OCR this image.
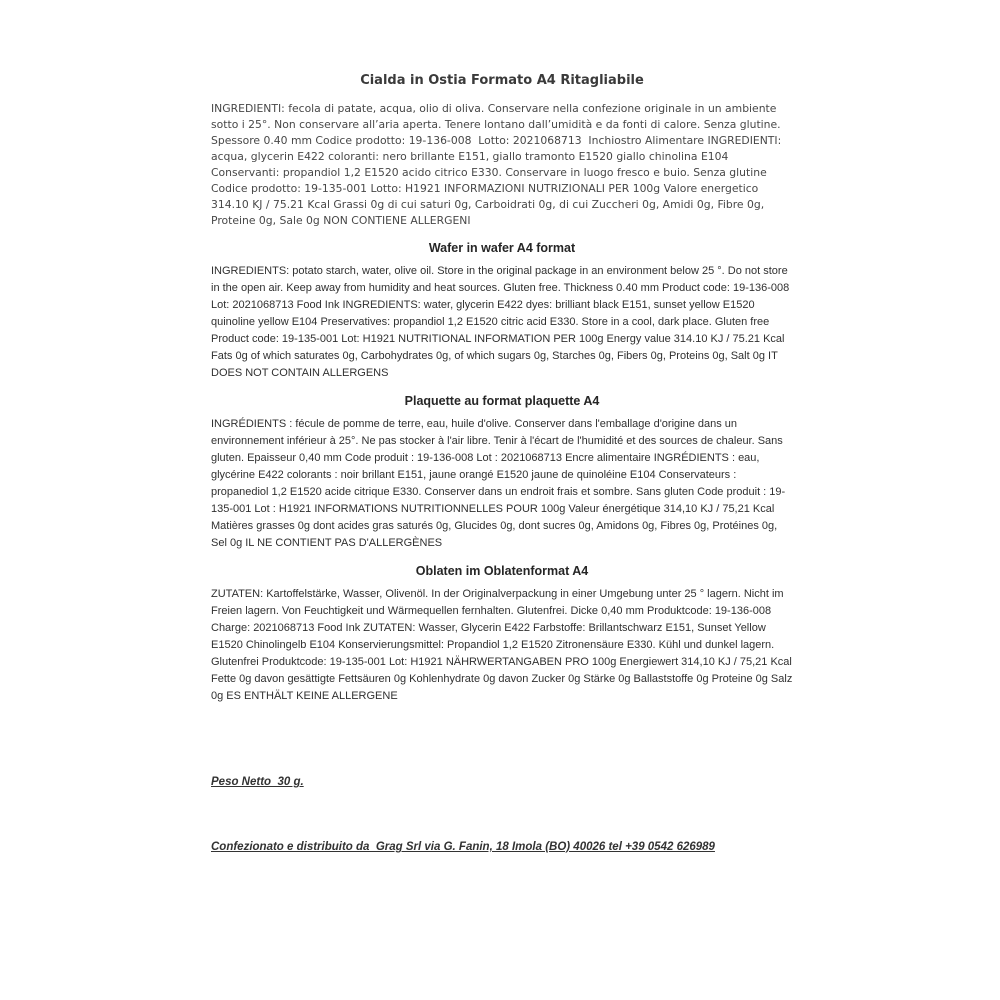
Cialda in Ostia Formato A4 Ritagliabile

INGREDIENTI: fecola di patate, acqua, olio di oliva. Conservare nella confezione originale in un ambiente sotto i 25°. Non conservare all’aria aperta. Tenere lontano dall’umidità e da fonti di calore. Senza glutine. Spessore 0.40 mm Codice prodotto: 19-136-008  Lotto: 2021068713  Inchiostro Alimentare INGREDIENTI: acqua, glycerin E422 coloranti: nero brillante E151, giallo tramonto E1520 giallo chinolina E104 Conservanti: propandiol 1,2 E1520 acido citrico E330. Conservare in luogo fresco e buio. Senza glutine Codice prodotto: 19-135-001 Lotto: H1921 INFORMAZIONI NUTRIZIONALI PER 100g Valore energetico 314.10 KJ / 75.21 Kcal Grassi 0g di cui saturi 0g, Carboidrati 0g, di cui Zuccheri 0g, Amidi 0g, Fibre 0g, Proteine 0g, Sale 0g NON CONTIENE ALLERGENI

Wafer in wafer A4 format

INGREDIENTS: potato starch, water, olive oil. Store in the original package in an environment below 25 °. Do not store in the open air. Keep away from humidity and heat sources. Gluten free. Thickness 0.40 mm Product code: 19-136-008 Lot: 2021068713 Food Ink INGREDIENTS: water, glycerin E422 dyes: brilliant black E151, sunset yellow E1520 quinoline yellow E104 Preservatives: propandiol 1,2 E1520 citric acid E330. Store in a cool, dark place. Gluten free Product code: 19-135-001 Lot: H1921 NUTRITIONAL INFORMATION PER 100g Energy value 314.10 KJ / 75.21 Kcal Fats 0g of which saturates 0g, Carbohydrates 0g, of which sugars 0g, Starches 0g, Fibers 0g, Proteins 0g, Salt 0g IT DOES NOT CONTAIN ALLERGENS

Plaquette au format plaquette A4

INGRÉDIENTS : fécule de pomme de terre, eau, huile d'olive. Conserver dans l'emballage d'origine dans un environnement inférieur à 25°. Ne pas stocker à l'air libre. Tenir à l'écart de l'humidité et des sources de chaleur. Sans gluten. Epaisseur 0,40 mm Code produit : 19-136-008 Lot : 2021068713 Encre alimentaire INGRÉDIENTS : eau, glycérine E422 colorants : noir brillant E151, jaune orangé E1520 jaune de quinoléine E104 Conservateurs : propanediol 1,2 E1520 acide citrique E330. Conserver dans un endroit frais et sombre. Sans gluten Code produit : 19-135-001 Lot : H1921 INFORMATIONS NUTRITIONNELLES POUR 100g Valeur énergétique 314,10 KJ / 75,21 Kcal Matières grasses 0g dont acides gras saturés 0g, Glucides 0g, dont sucres 0g, Amidons 0g, Fibres 0g, Protéines 0g, Sel 0g IL NE CONTIENT PAS D'ALLERGÈNES

Oblaten im Oblatenformat A4

ZUTATEN: Kartoffelstärke, Wasser, Olivenöl. In der Originalverpackung in einer Umgebung unter 25 ° lagern. Nicht im Freien lagern. Von Feuchtigkeit und Wärmequellen fernhalten. Glutenfrei. Dicke 0,40 mm Produktcode: 19-136-008 Charge: 2021068713 Food Ink ZUTATEN: Wasser, Glycerin E422 Farbstoffe: Brillantschwarz E151, Sunset Yellow E1520 Chinolingelb E104 Konservierungsmittel: Propandiol 1,2 E1520 Zitronensäure E330. Kühl und dunkel lagern. Glutenfrei Produktcode: 19-135-001 Lot: H1921 NÄHRWERTANGABEN PRO 100g Energiewert 314,10 KJ / 75,21 Kcal Fette 0g davon gesättigte Fettsäuren 0g Kohlenhydrate 0g davon Zucker 0g Stärke 0g Ballaststoffe 0g Proteine 0g Salz 0g ES ENTHÄLT KEINE ALLERGENE

Peso Netto  30 g.
Confezionato e distribuito da  Grag Srl via G. Fanin, 18 Imola (BO) 40026 tel +39 0542 626989
